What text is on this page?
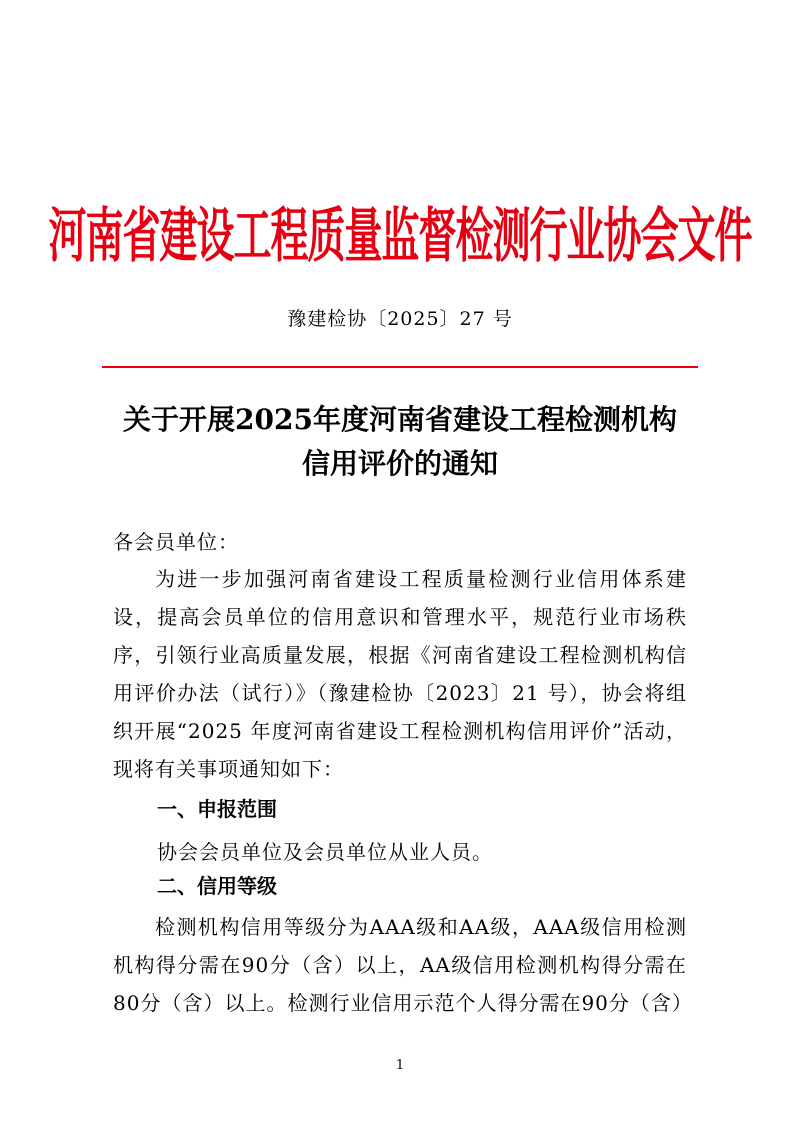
河南省建设工程质量监督检测行业协会文件
豫建检协〔2025〕27 号
关于开展2025年度河南省建设工程检测机构
信用评价的通知
各会员单位：
为进一步加强河南省建设工程质量检测行业信用体系建设，提高会员单位的信用意识和管理水平，规范行业市场秩序，引领行业高质量发展，根据《河南省建设工程检测机构信用评价办法（试行）》（豫建检协〔2023〕21 号），协会将组织开展“2025 年度河南省建设工程检测机构信用评价”活动，现将有关事项通知如下：
一、申报范围
协会会员单位及会员单位从业人员。
二、信用等级
检测机构信用等级分为AAA级和AA级，AAA级信用检测机构得分需在90分（含）以上，AA级信用检测机构得分需在80分（含）以上。检测行业信用示范个人得分需在90分（含）
1
